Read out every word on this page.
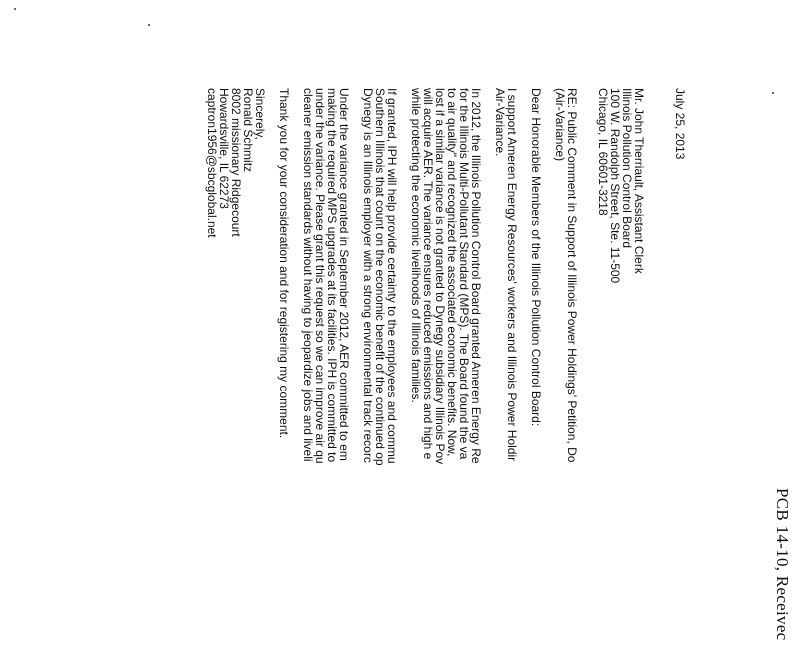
PCB 14-10, Receivec
July 25, 2013
Mr. John Therriault, Assistant Clerk
Illinois Pollution Control Board
100 W. Randolph Street, Ste. 11-500
Chicago, IL 60601-3218
RE: Public Comment in Support of Illinois Power Holdings' Petition, Do
(Air-Variance)
Dear Honorable Members of the Illinois Pollution Control Board:
I support Ameren Energy Resources' workers and Illinois Power Holdir
Air-Variance.
In 2012, the Illinois Pollution Control Board granted Ameren Energy Re
for the Illinois Multi-Pollutant Standard (MPS). The Board found the va
to air quality" and recognized the associated economic benefits. Now,
lost if a similar variance is not granted to Dynegy subsidiary Illinois Pov
will acquire AER. The variance ensures reduced emissions and high e
while protecting the economic livelihoods of Illinois families.
If granted, IPH will help provide certainty to the employees and commu
Southern Illinois that count on the economic benefit of the continued op
Dynegy is an Illinois employer with a strong environmental track recorc
Under the variance granted in September 2012, AER committed to em
making the required MPS upgrades at its facilities. IPH is committed to
under the variance. Please grant this request so we can improve air qu
cleaner emission standards without having to jeopardize jobs and liveli
Thank you for your consideration and for registering my comment.
Sincerely,
Ronald Schmitz
8002 missionary Ridgecourt
Howardsville, IL 62273
captron1956@sbcglobal.net
